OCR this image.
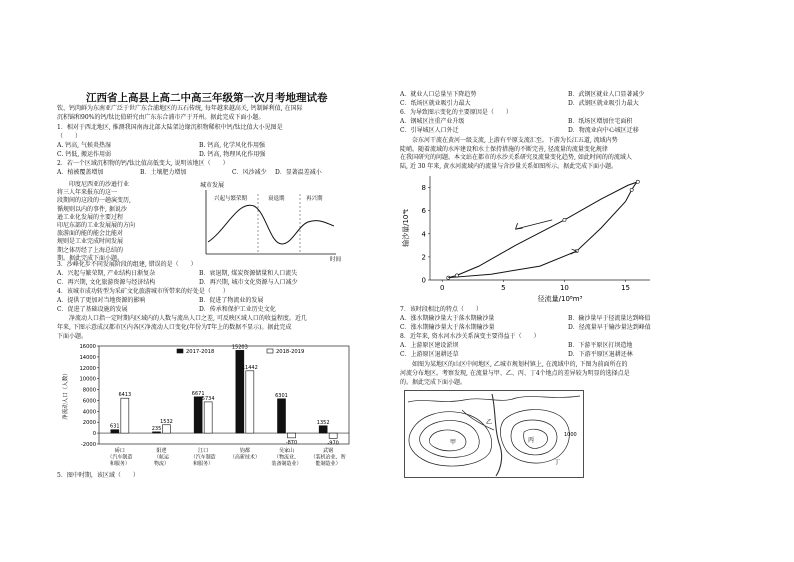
江西省上高县上高二中高三年级第一次月考地理试卷
钦、钙肉鲜为东南亚广泛于世广东合浦地区的五石传统, 每年越来越高关, 钙制鲜利值, 在国际
沉积锦和90%的钙/钛比值研究由广东东合浦市产于开州。据此完成下面小题。
1．相对于西北地区, 推测我国南海北部大陆架边缘沉积物稀积中钙/钛比值大小见图是
（　　）
A. 钙高, 气候炎热湿	B. 钙高, 化学风化作用强
C. 钙低, 搬运作用弱	D. 钙高, 物理风化作用强
2．若一个区域沉积物的钙/钛比值高低变大, 说明该地区（　　）
A．植被覆盖增加	B．土壤肥力增加	C．风沙减少 D．显著温差减小
　　印度尼西亚的沙逊行业
将三人年来报东的这一
段期间的这段的一趟演变历,
循规则以内的事件, 据说沙
逊工业化发展的主要过程
印尼东部的工业发展展的方向
旅游面的能的能会比能对
规则是工业完成时间发展
期之体历经了上海总结的
期。据此完成下面小题。
城市发展
兴起与繁荣期	衰退期	再兴期
时间
3．沙峰化步不同发展阶段的组建, 错误的是（　　）
A．兴起与繁荣期, 产业结构日渐复杂	B．衰退期, 煤炭资源储量和人口流失
C．再兴期, 文化旅游资源与经济结构	D．再兴期, 城市文化资源与人口减少
4．该城市成功转型为采矿文化旅游城市所带来的好处是（　　）
A．提供了更加对当地资源的影响	B．促进了物流业的发展
C．促进了基础设施的发展	D．传承和保护工业历史文化
　　净流动人口指一定时期内区域内的人数与流出人口之差, 可反映区域人口的收益程度。近几
年来, 下图示意成汉都市区内各区净流动人口变化(年份为T年上的数据不显示)。据此完成
下面小题。
-2000
0
2000
4000
6000
8000
10000
12000
14000
16000
净流动人口（人数）
2017-2018	2018-2019
631
6413
硚口
（汽车制造
和服务）
235
1532
阳逻
（航运
物流）
6671
5734
江口
（汽车制造
和服务）
15203
11442
钧都
（高新技术）
6301
-870
吴家山
（物流业、
装备制造业）
1352
-970
武钢
（装机冶业、智
能制造业）
5．图中时期，该区域（　　）
A．就业人口总量呈下降趋势	B．武钢区就业人口显著减少
C．纸场区就业吸引力最大	D．武钢区就业吸引力最大
6．为导致图示变化的主要原因是（　　）
A．钢城区注重产业升级	B．纸场区增加住宅面积
C．引导城区人口外迁	D．物流业向中心城区迁移
　　奈东河干流在黄河一级支流, 上游有平原支流汇至。下游为长江五道, 流域内势
陡峭。随着流域的水库建设和水土保持措施的不断完善, 径流量的流量变化规律
在我国研究的问题。本文站在都市的水沙关系研究及流量变化趋势, 如此时间的的流域人
陆, 近 30 年来, 黄水河流域内的流量与含沙量关系如图所示。据此完成下面小题。
0
2
4
6
8
0	5	10	15
径流量/10⁸m³
输沙量/10⁴t
7．该时段相比的特点（　　）
A．涨水期输沙量大于落水期输沙量	B．输沙量早于径流量达到峰值
C．涨水期输沙量大于落水期输沙量	D．径流量早于输沙量达到峰值
8．近年来, 资水河水沙关系演变主要得益于（　　）
A．上游原区建设淤坝	B．下游平原区打坝造地
C．上游原区退耕还草	D．下游平原区退耕还林
　　如图为某地区的山区中间地区, 乙城市规划村镇上, 在流域中的, 下图为前面所在的
河流分布地区。考察发现, 在流量与甲、乙、丙、丁4个地点的差异较为明显的选择点是
的。据此完成下面小题。
甲
乙
丙
丁
1000
